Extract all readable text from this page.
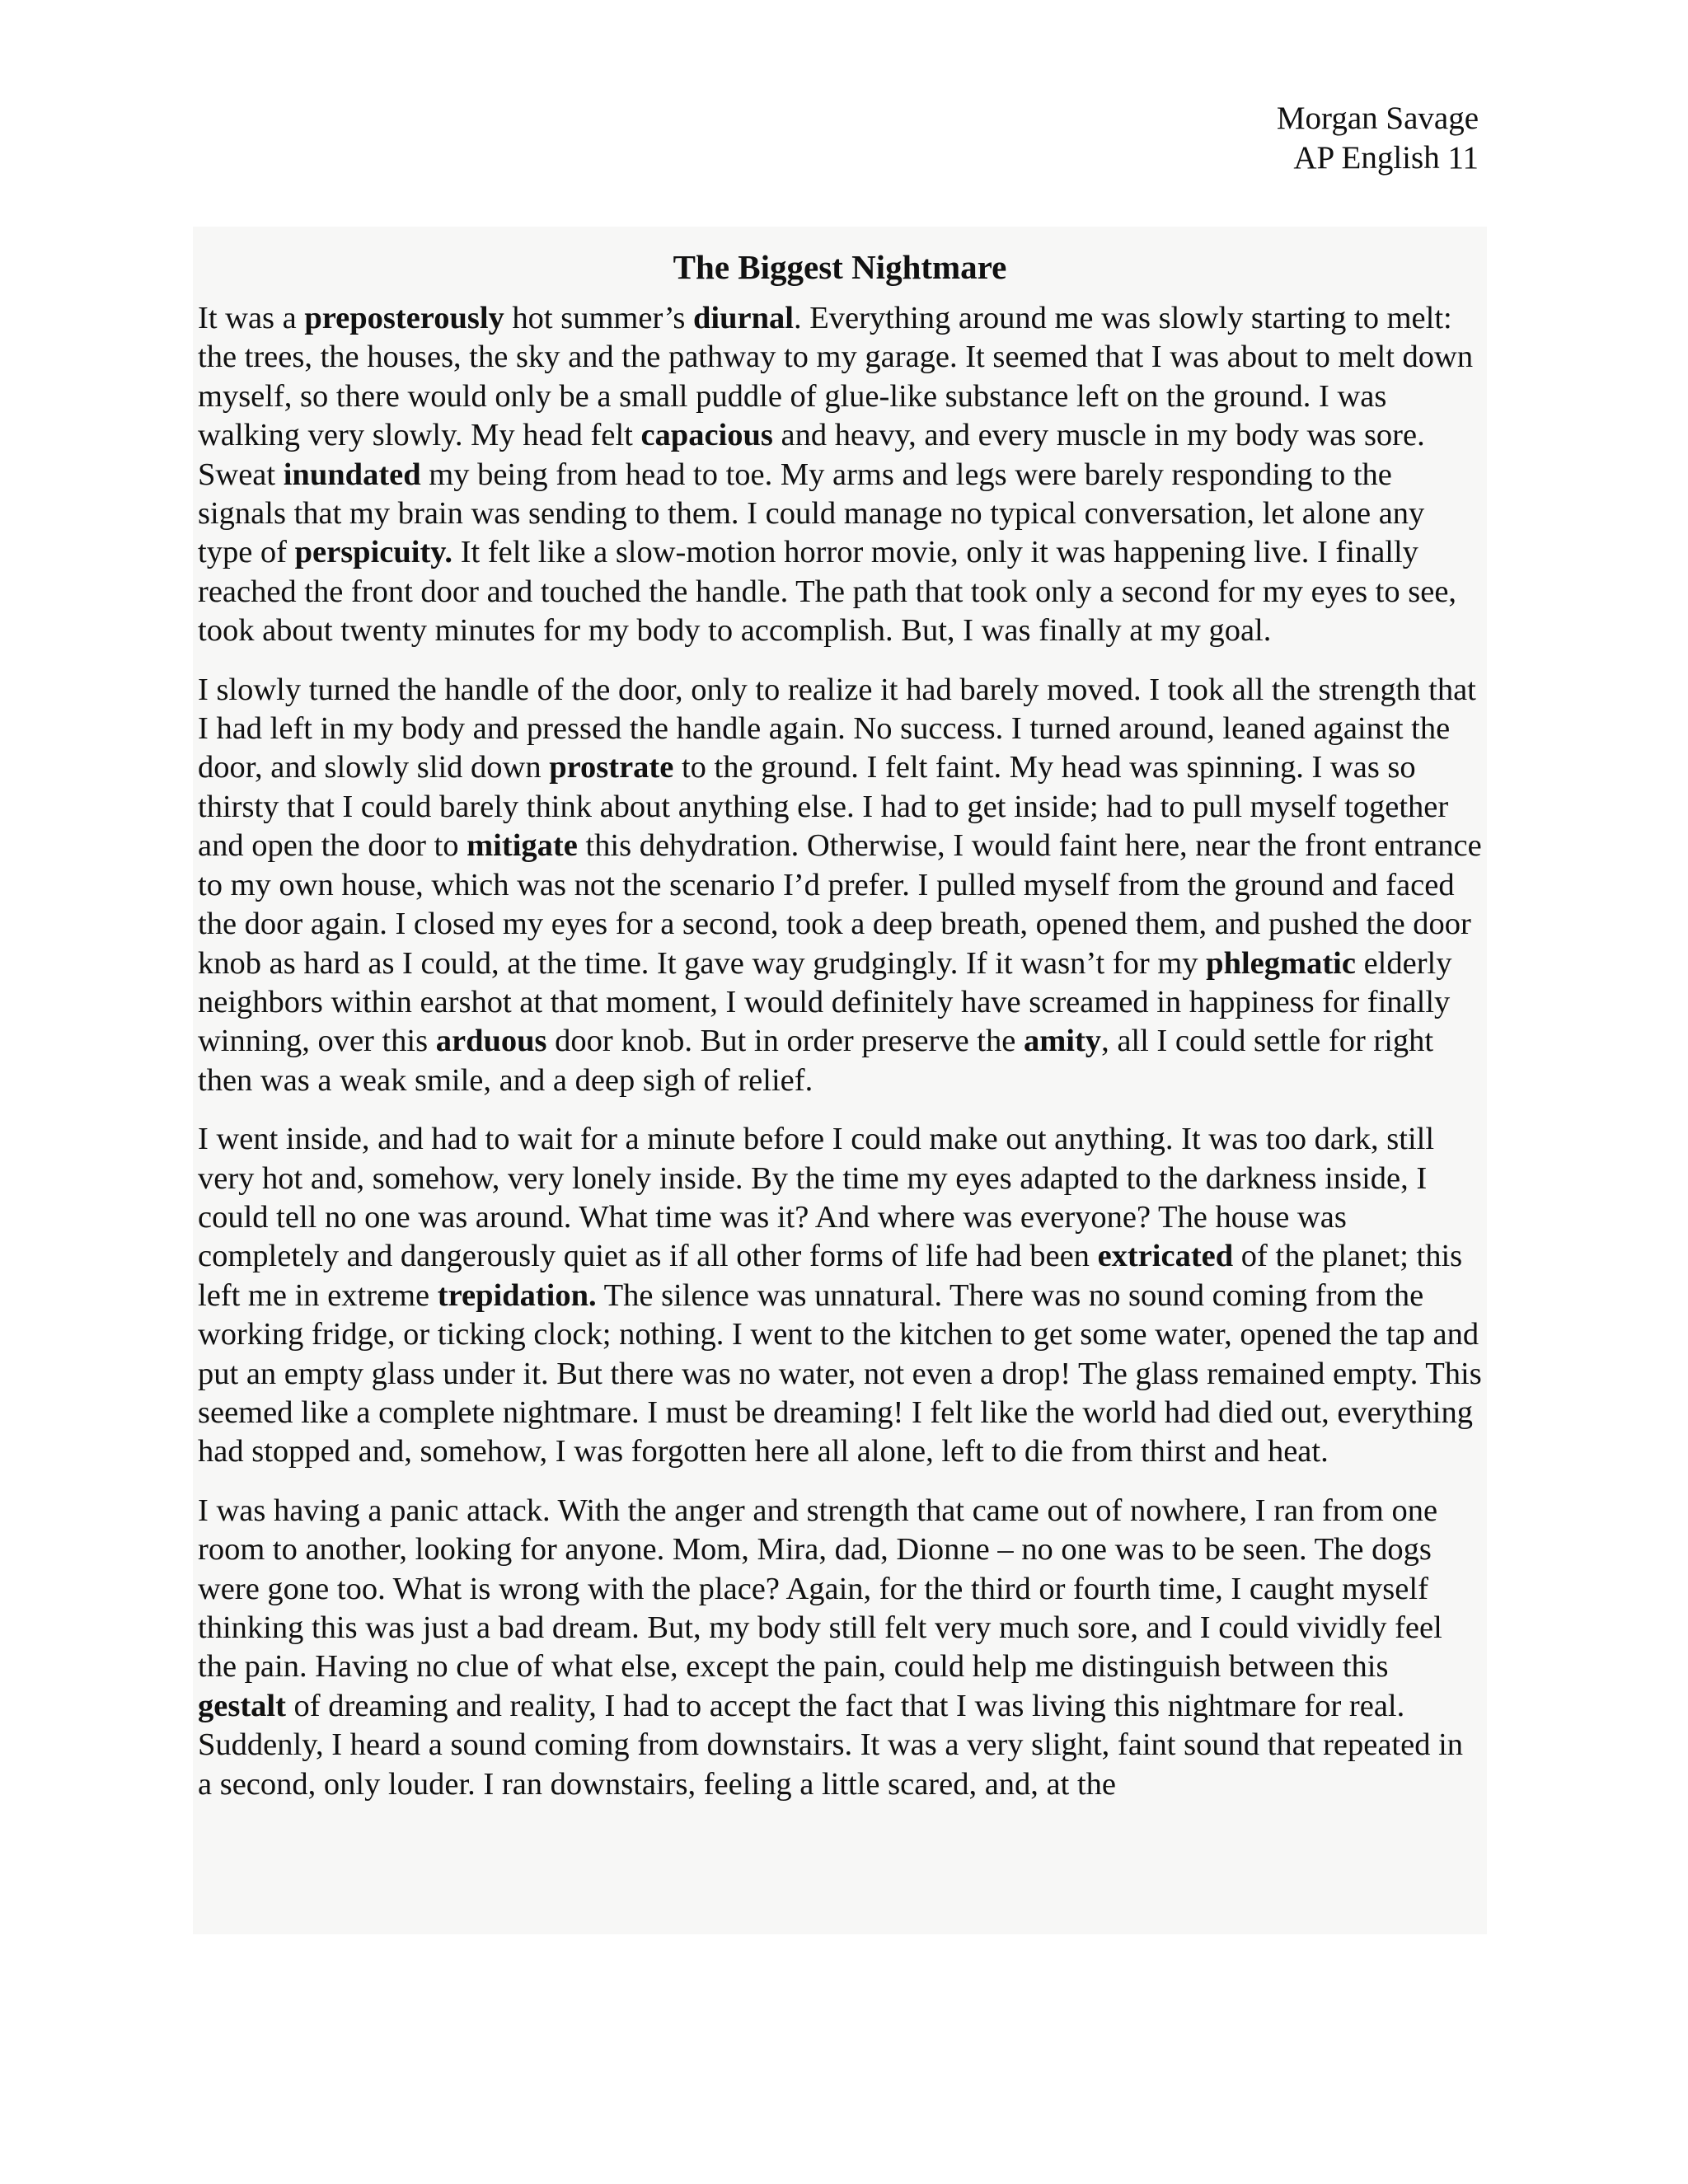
Morgan Savage
AP English 11
The Biggest Nightmare

It was a preposterously hot summer’s diurnal. Everything around me was slowly starting to melt: the trees, the houses, the sky and the pathway to my garage. It seemed that I was about to melt down myself, so there would only be a small puddle of glue-like substance left on the ground. I was walking very slowly. My head felt capacious and heavy, and every muscle in my body was sore. Sweat inundated my being from head to toe. My arms and legs were barely responding to the signals that my brain was sending to them. I could manage no typical conversation, let alone any type of perspicuity. It felt like a slow-motion horror movie, only it was happening live. I finally reached the front door and touched the handle. The path that took only a second for my eyes to see, took about twenty minutes for my body to accomplish. But, I was finally at my goal.

I slowly turned the handle of the door, only to realize it had barely moved. I took all the strength that I had left in my body and pressed the handle again. No success. I turned around, leaned against the door, and slowly slid down prostrate to the ground. I felt faint. My head was spinning. I was so thirsty that I could barely think about anything else. I had to get inside; had to pull myself together and open the door to mitigate this dehydration. Otherwise, I would faint here, near the front entrance to my own house, which was not the scenario I’d prefer. I pulled myself from the ground and faced the door again. I closed my eyes for a second, took a deep breath, opened them, and pushed the door knob as hard as I could, at the time. It gave way grudgingly. If it wasn’t for my phlegmatic elderly neighbors within earshot at that moment, I would definitely have screamed in happiness for finally winning, over this arduous door knob. But in order preserve the amity, all I could settle for right then was a weak smile, and a deep sigh of relief.

I went inside, and had to wait for a minute before I could make out anything. It was too dark, still very hot and, somehow, very lonely inside. By the time my eyes adapted to the darkness inside, I could tell no one was around. What time was it? And where was everyone? The house was completely and dangerously quiet as if all other forms of life had been extricated of the planet; this left me in extreme trepidation. The silence was unnatural. There was no sound coming from the working fridge, or ticking clock; nothing. I went to the kitchen to get some water, opened the tap and put an empty glass under it. But there was no water, not even a drop! The glass remained empty. This seemed like a complete nightmare. I must be dreaming! I felt like the world had died out, everything had stopped and, somehow, I was forgotten here all alone, left to die from thirst and heat.

I was having a panic attack. With the anger and strength that came out of nowhere, I ran from one room to another, looking for anyone. Mom, Mira, dad, Dionne – no one was to be seen. The dogs were gone too. What is wrong with the place? Again, for the third or fourth time, I caught myself thinking this was just a bad dream. But, my body still felt very much sore, and I could vividly feel the pain. Having no clue of what else, except the pain, could help me distinguish between this gestalt of dreaming and reality, I had to accept the fact that I was living this nightmare for real. Suddenly, I heard a sound coming from downstairs. It was a very slight, faint sound that repeated in a second, only louder. I ran downstairs, feeling a little scared, and, at the
